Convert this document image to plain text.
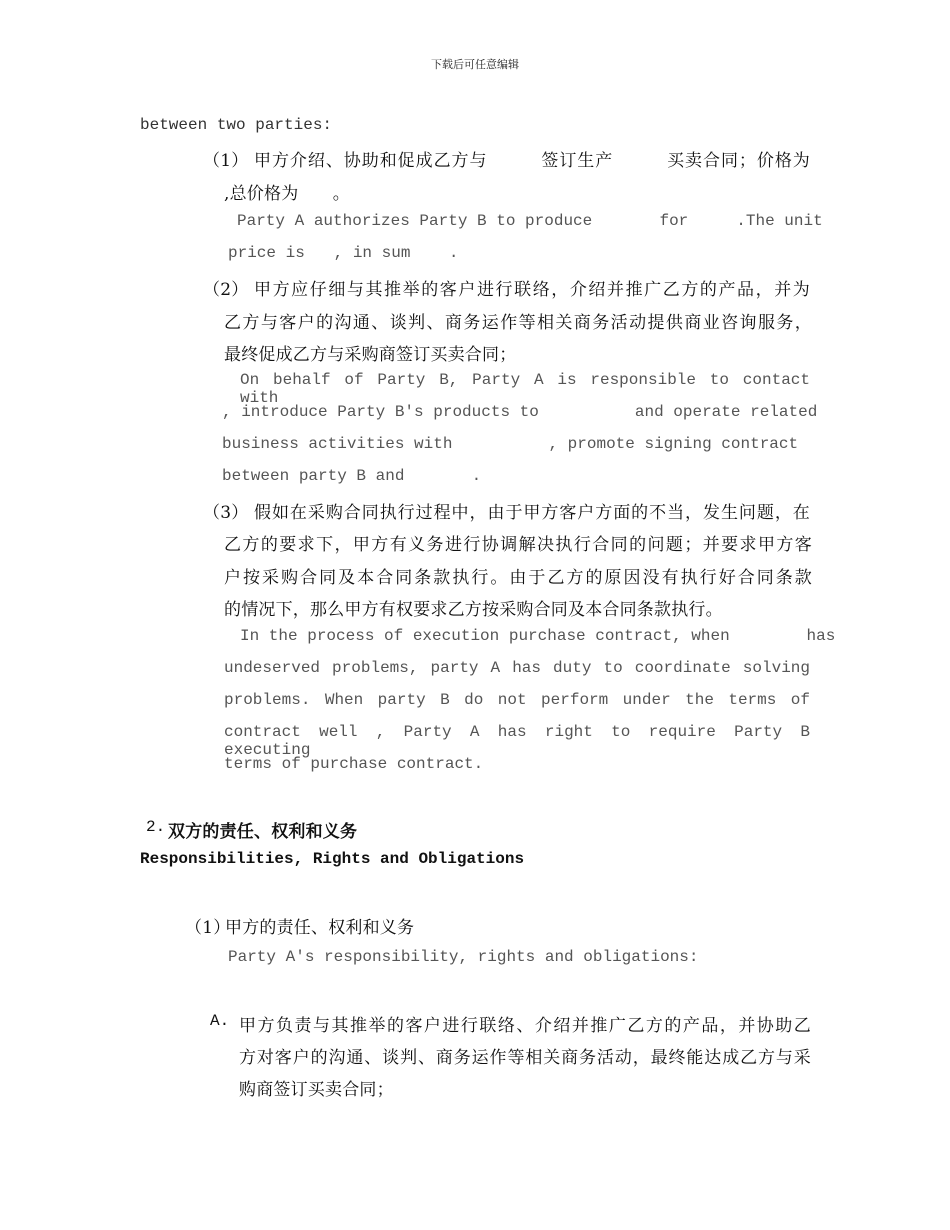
下载后可任意编辑
between two parties:
（1） 甲方介绍、协助和促成乙方与　　　签订生产　　　买卖合同；价格为
,总价格为　　。
Party A authorizes Party B to produce       for     .The unit
price is   , in sum    .
（2） 甲方应仔细与其推举的客户进行联络，介绍并推广乙方的产品，并为
乙方与客户的沟通、谈判、商务运作等相关商务活动提供商业咨询服务，
最终促成乙方与采购商签订买卖合同；
On behalf of Party B, Party A is responsible to contact with
, introduce Party B's products to          and operate related
business activities with          , promote signing contract
between party B and       .
（3） 假如在采购合同执行过程中，由于甲方客户方面的不当，发生问题，在
乙方的要求下，甲方有义务进行协调解决执行合同的问题；并要求甲方客
户按采购合同及本合同条款执行。由于乙方的原因没有执行好合同条款
的情况下，那么甲方有权要求乙方按采购合同及本合同条款执行。
In the process of execution purchase contract, when        has
undeserved problems, party A has duty to coordinate solving
problems. When party B do not perform under the terms of
contract well , Party A has right to require Party B executing
terms of purchase contract.
2. 双方的责任、权利和义务
Responsibilities, Rights and Obligations
（1）
甲方的责任、权利和义务
Party A's responsibility, rights and obligations:
A. 甲方负责与其推举的客户进行联络、介绍并推广乙方的产品，并协助乙
方对客户的沟通、谈判、商务运作等相关商务活动，最终能达成乙方与采
购商签订买卖合同；
